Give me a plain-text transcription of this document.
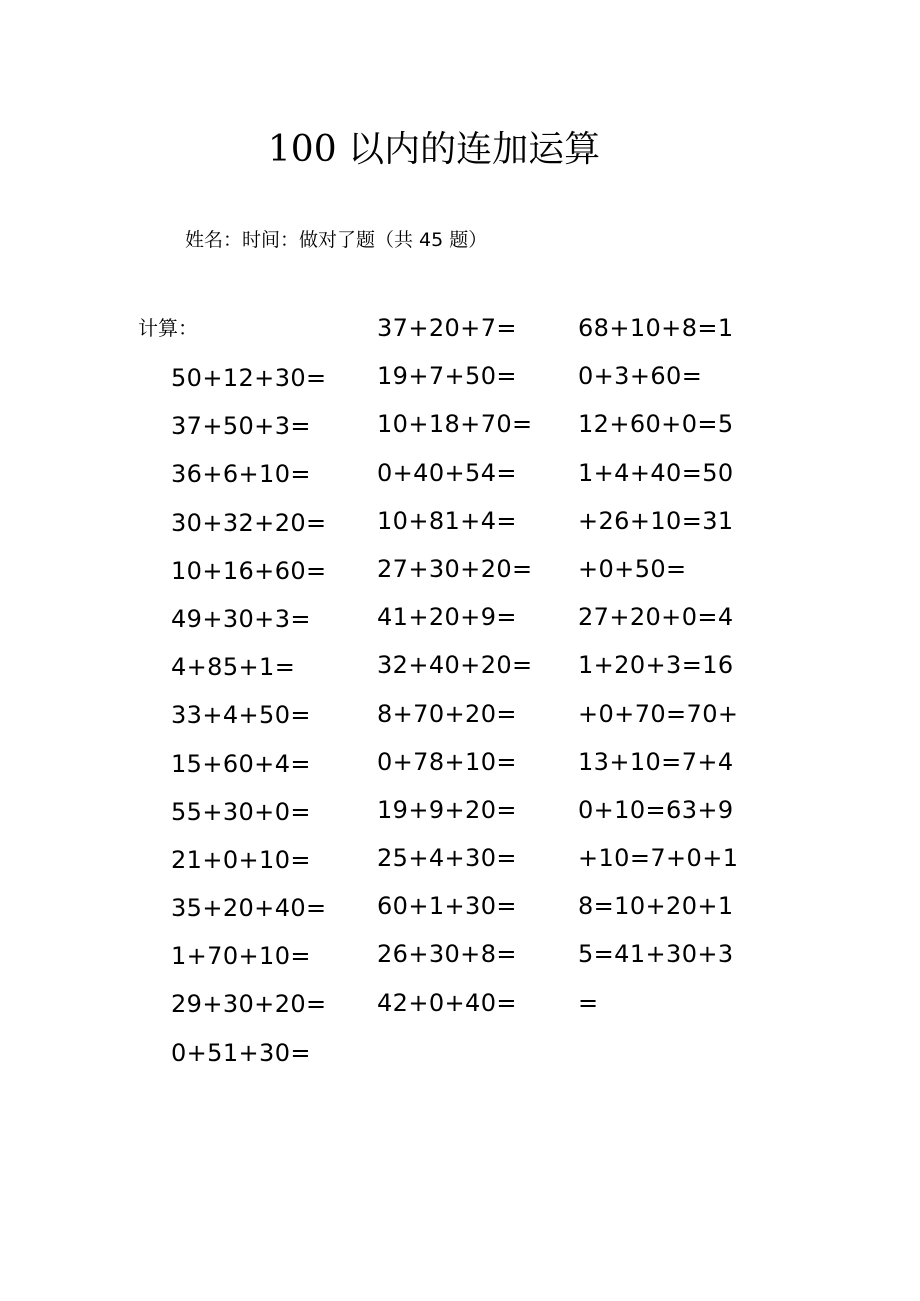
100 以内的连加运算
姓名：时间：做对了题（共 45 题）
计算：
50+12+30=
37+50+3=
36+6+10=
30+32+20=
10+16+60=
49+30+3=
4+85+1=
33+4+50=
15+60+4=
55+30+0=
21+0+10=
35+20+40=
1+70+10=
29+30+20=
0+51+30=
37+20+7=
19+7+50=
10+18+70=
0+40+54=
10+81+4=
27+30+20=
41+20+9=
32+40+20=
8+70+20=
0+78+10=
19+9+20=
25+4+30=
60+1+30=
26+30+8=
42+0+40=
68+10+8=1
0+3+60=
12+60+0=5
1+4+40=50
+26+10=31
+0+50=
27+20+0=4
1+20+3=16
+0+70=70+
13+10=7+4
0+10=63+9
+10=7+0+1
8=10+20+1
5=41+30+3
=
